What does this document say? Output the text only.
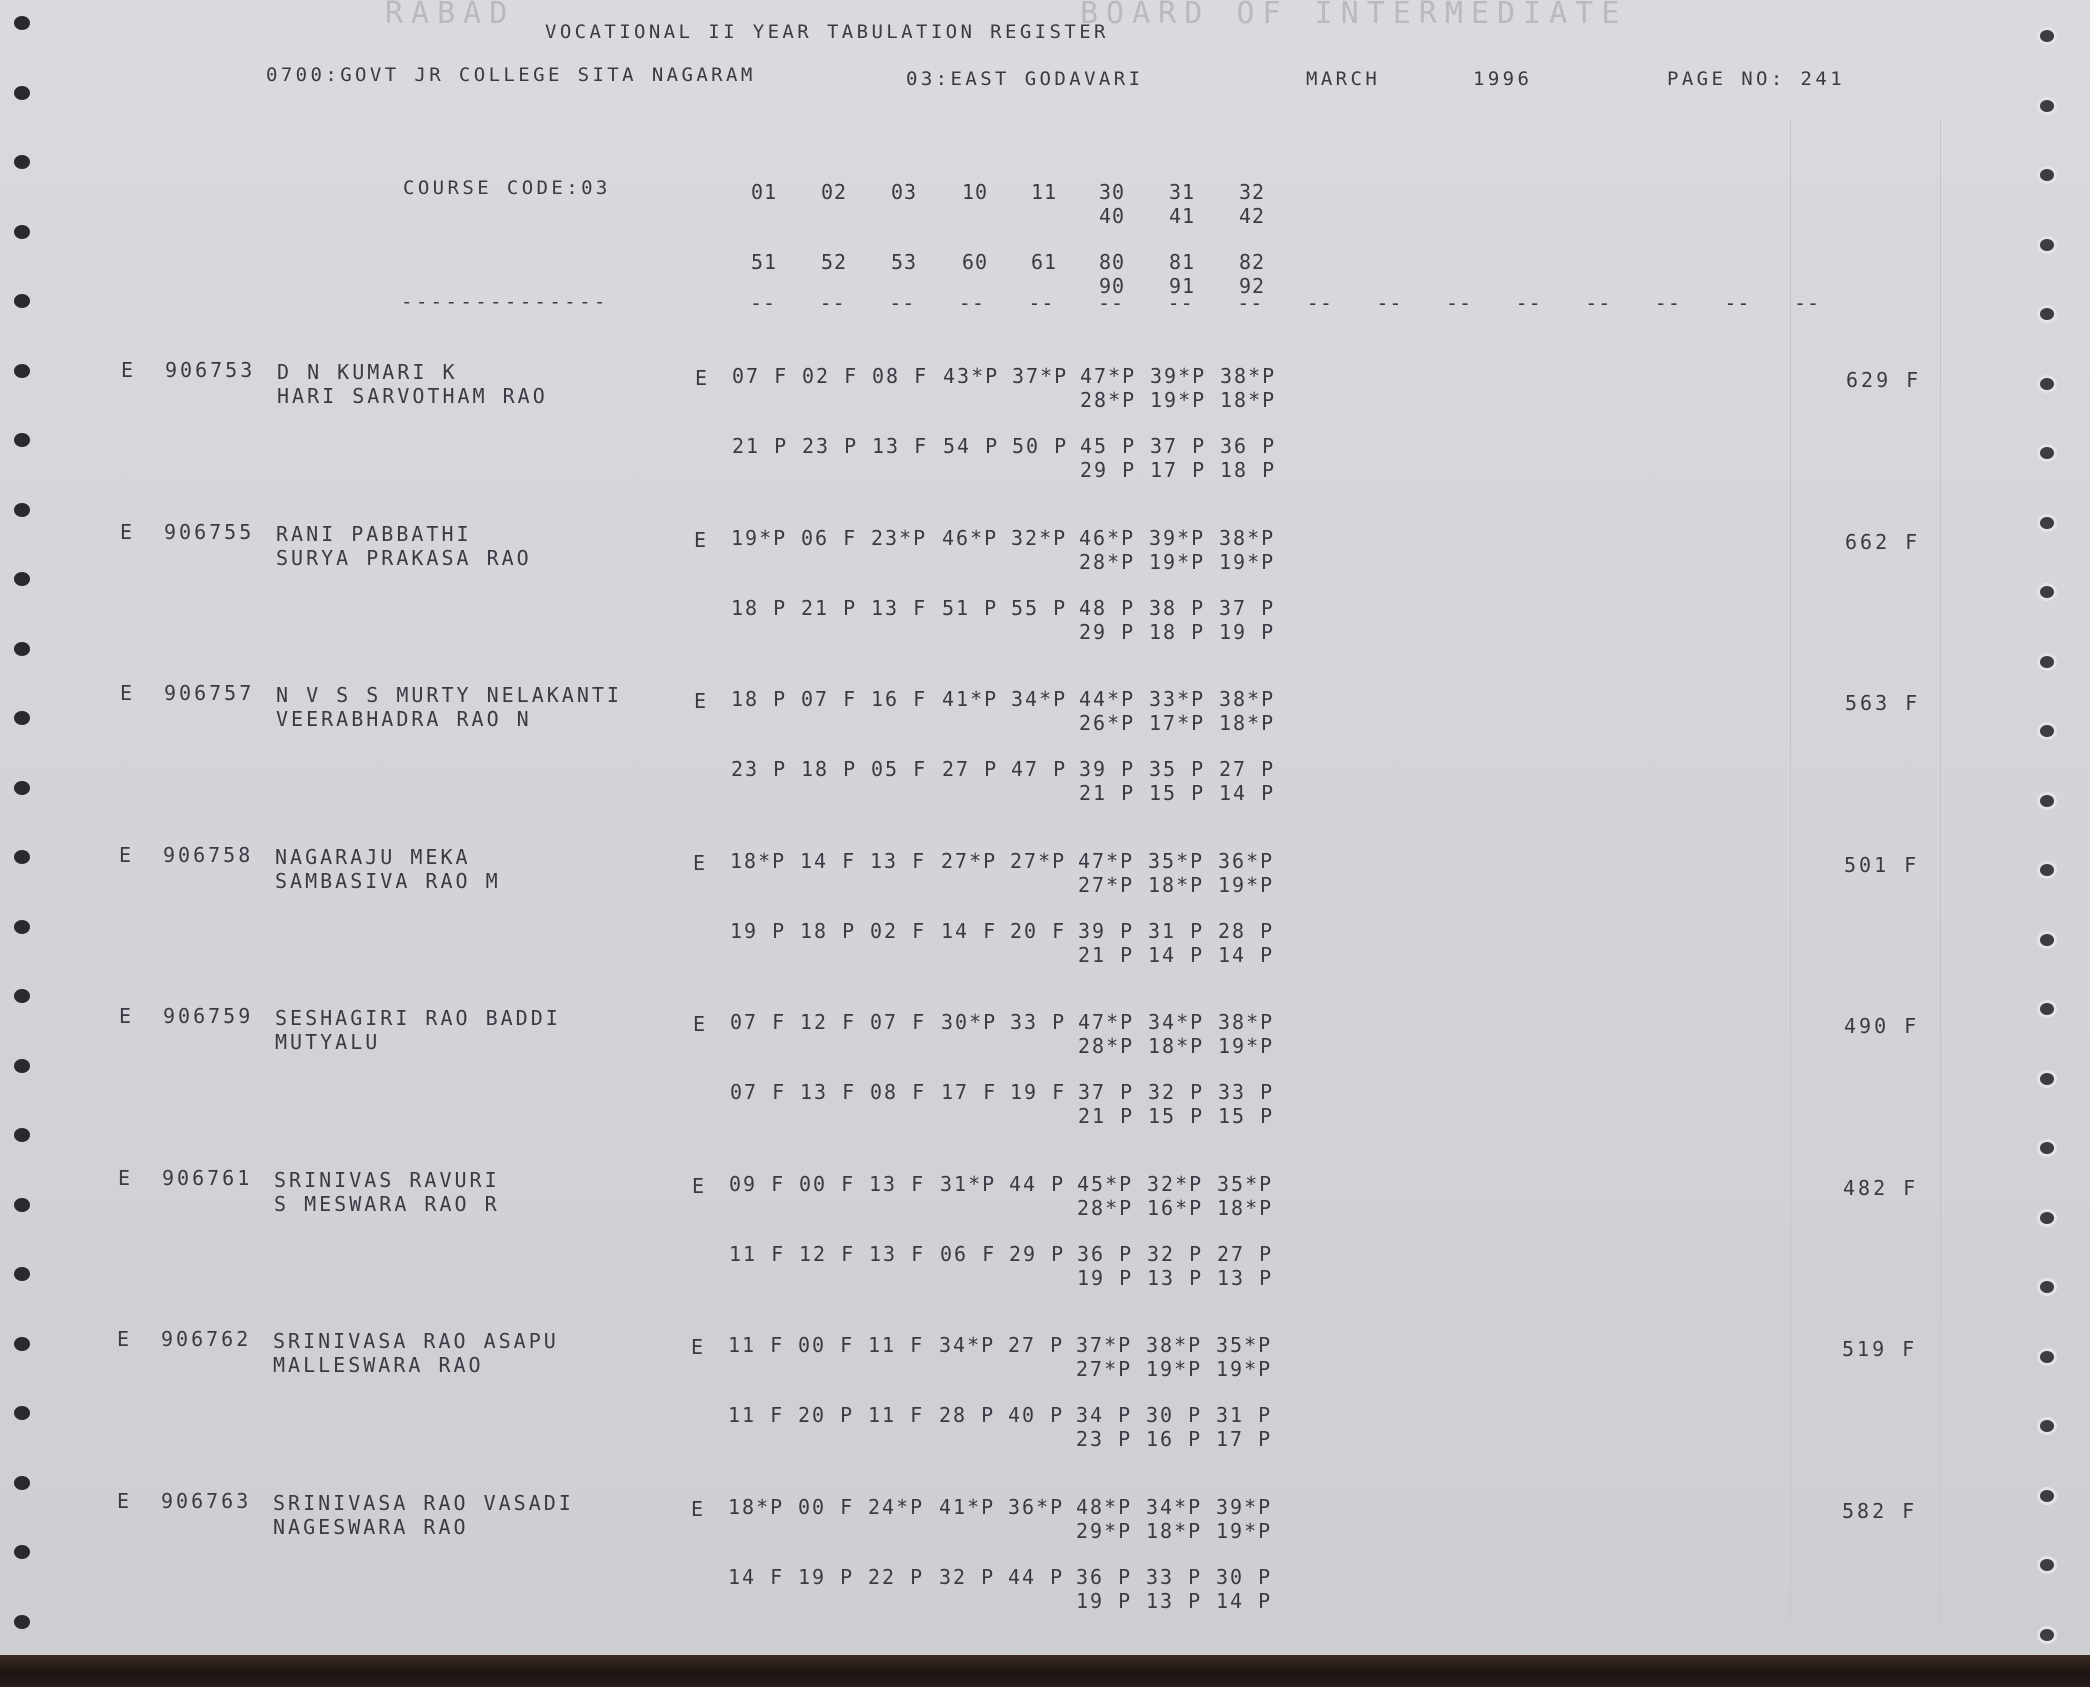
RABAD	BOARD OF INTERMEDIATE
VOCATIONAL II YEAR TABULATION REGISTER
0700:GOVT JR COLLEGE SITA NAGARAM	03:EAST GODAVARI	MARCH	1996	PAGE NO: 241
COURSE CODE:03
--------------
01	02	03	10	11	30	31	32
40	41	42
51	52	53	60	61	80	81	82
90	91	92
-- -- -- -- -- -- -- -- -- -- -- -- -- -- -- --
E 906753 D N KUMARI K
HARI SARVOTHAM RAO
E 07 F 02 F 08 F 43*P 37*P 47*P 39*P 38*P
28*P 19*P 18*P
21 P 23 P 13 F 54 P 50 P 45 P 37 P 36 P
29 P 17 P 18 P
629 F
E 906755 RANI PABBATHI
SURYA PRAKASA RAO
E 19*P 06 F 23*P 46*P 32*P 46*P 39*P 38*P
28*P 19*P 19*P
18 P 21 P 13 F 51 P 55 P 48 P 38 P 37 P
29 P 18 P 19 P
662 F
E 906757 N V S S MURTY NELAKANTI
VEERABHADRA RAO N
E 18 P 07 F 16 F 41*P 34*P 44*P 33*P 38*P
26*P 17*P 18*P
23 P 18 P 05 F 27 P 47 P 39 P 35 P 27 P
21 P 15 P 14 P
563 F
E 906758 NAGARAJU MEKA
SAMBASIVA RAO M
E 18*P 14 F 13 F 27*P 27*P 47*P 35*P 36*P
27*P 18*P 19*P
19 P 18 P 02 F 14 F 20 F 39 P 31 P 28 P
21 P 14 P 14 P
501 F
E 906759 SESHAGIRI RAO BADDI
MUTYALU
E 07 F 12 F 07 F 30*P 33 P 47*P 34*P 38*P
28*P 18*P 19*P
07 F 13 F 08 F 17 F 19 F 37 P 32 P 33 P
21 P 15 P 15 P
490 F
E 906761 SRINIVAS RAVURI
S MESWARA RAO R
E 09 F 00 F 13 F 31*P 44 P 45*P 32*P 35*P
28*P 16*P 18*P
11 F 12 F 13 F 06 F 29 P 36 P 32 P 27 P
19 P 13 P 13 P
482 F
E 906762 SRINIVASA RAO ASAPU
MALLESWARA RAO
E 11 F 00 F 11 F 34*P 27 P 37*P 38*P 35*P
27*P 19*P 19*P
11 F 20 P 11 F 28 P 40 P 34 P 30 P 31 P
23 P 16 P 17 P
519 F
E 906763 SRINIVASA RAO VASADI
NAGESWARA RAO
E 18*P 00 F 24*P 41*P 36*P 48*P 34*P 39*P
29*P 18*P 19*P
14 F 19 P 22 P 32 P 44 P 36 P 33 P 30 P
19 P 13 P 14 P
582 F
